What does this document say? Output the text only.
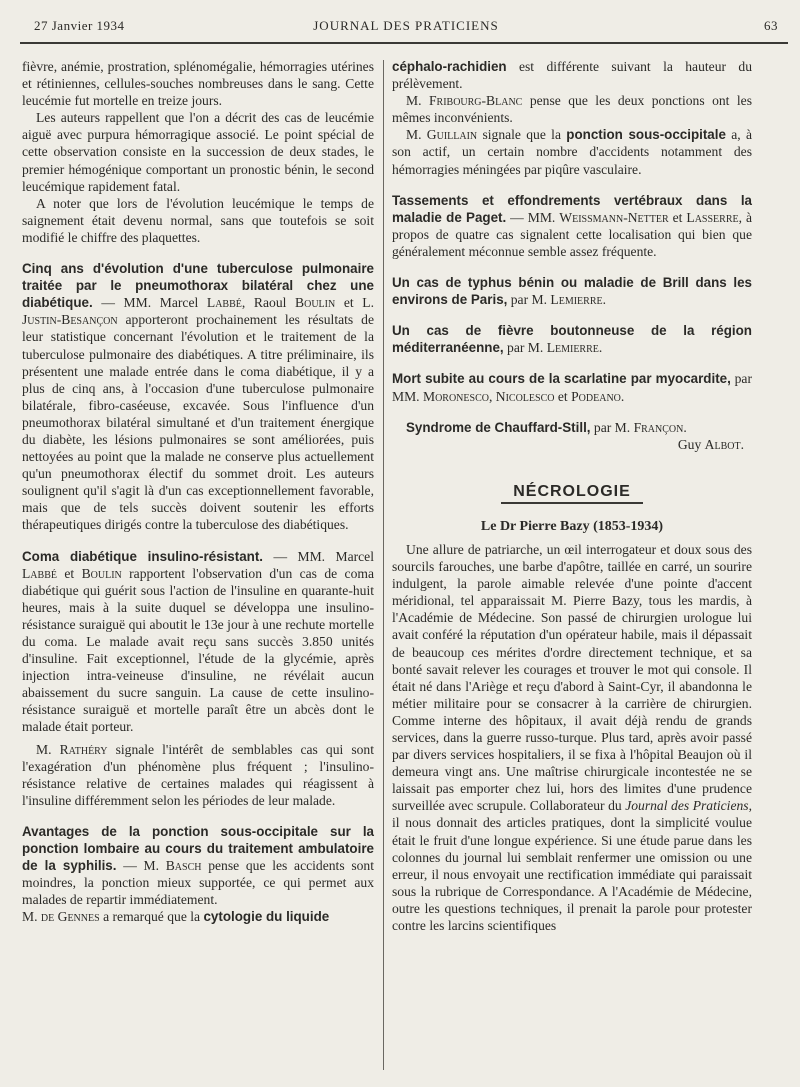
27 Janvier 1934	JOURNAL DES PRATICIENS	63

fièvre, anémie, prostration, splénomégalie, hémorragies utérines et rétiniennes, cellules-souches nombreuses dans le sang. Cette leucémie fut mortelle en treize jours.

Les auteurs rappellent que l'on a décrit des cas de leucémie aiguë avec purpura hémorragique associé. Le point spécial de cette observation consiste en la succession de deux stades, le premier hémogénique comportant un pronostic bénin, le second leucémique rapidement fatal.

A noter que lors de l'évolution leucémique le temps de saignement était devenu normal, sans que toutefois se soit modifié le chiffre des plaquettes.

Cinq ans d'évolution d'une tuberculose pulmonaire traitée par le pneumothorax bilatéral chez une diabétique. — MM. Marcel Labbé, Raoul Boulin et L. Justin-Besançon apporteront prochainement les résultats de leur statistique concernant l'évolution et le traitement de la tuberculose pulmonaire des diabétiques. A titre préliminaire, ils présentent une malade entrée dans le coma diabétique, il y a plus de cinq ans, à l'occasion d'une tuberculose pulmonaire bilatérale, fibro-caséeuse, excavée. Sous l'influence d'un pneumothorax bilatéral simultané et d'un traitement énergique du diabète, les lésions pulmonaires se sont améliorées, puis nettoyées au point que la malade ne conserve plus actuellement qu'un pneumothorax électif du sommet droit. Les auteurs soulignent qu'il s'agit là d'un cas exceptionnellement favorable, mais que de tels succès doivent soutenir les efforts thérapeutiques dirigés contre la tuberculose des diabétiques.

Coma diabétique insulino-résistant. — MM. Marcel Labbé et Boulin rapportent l'observation d'un cas de coma diabétique qui guérit sous l'action de l'insuline en quarante-huit heures, mais à la suite duquel se développa une insulino-résistance suraiguë qui aboutit le 13e jour à une rechute mortelle du coma. Le malade avait reçu sans succès 3.850 unités d'insuline. Fait exceptionnel, l'étude de la glycémie, après injection intra-veineuse d'insuline, ne révélait aucun abaissement du sucre sanguin. La cause de cette insulino-résistance suraiguë et mortelle paraît être un abcès dont le malade était porteur.

M. Rathéry signale l'intérêt de semblables cas qui sont l'exagération d'un phénomène plus fréquent ; l'insulino-résistance relative de certaines malades qui réagissent à l'insuline différemment selon les périodes de leur malade.

Avantages de la ponction sous-occipitale sur la ponction lombaire au cours du traitement ambulatoire de la syphilis. — M. Basch pense que les accidents sont moindres, la ponction mieux supportée, ce qui permet aux malades de repartir immédiatement.

M. de Gennes a remarqué que la cytologie du liquide

céphalo-rachidien est différente suivant la hauteur du prélèvement.

M. Fribourg-Blanc pense que les deux ponctions ont les mêmes inconvénients.

M. Guillain signale que la ponction sous-occipitale a, à son actif, un certain nombre d'accidents notamment des hémorragies méningées par piqûre vasculaire.

Tassements et effondrements vertébraux dans la maladie de Paget. — MM. Weissmann-Netter et Lasserre, à propos de quatre cas signalent cette localisation qui bien que généralement méconnue semble assez fréquente.

Un cas de typhus bénin ou maladie de Brill dans les environs de Paris, par M. Lemierre.

Un cas de fièvre boutonneuse de la région méditerranéenne, par M. Lemierre.

Mort subite au cours de la scarlatine par myocardite, par MM. Moronesco, Nicolesco et Podeano.

Syndrome de Chauffard-Still, par M. Françon.

Guy Albot.

NÉCROLOGIE
Le Dr Pierre Bazy (1853-1934)

Une allure de patriarche, un œil interrogateur et doux sous des sourcils farouches, une barbe d'apôtre, taillée en carré, un sourire indulgent, la parole aimable relevée d'une pointe d'accent méridional, tel apparaissait M. Pierre Bazy, tous les mardis, à l'Académie de Médecine. Son passé de chirurgien urologue lui avait conféré la réputation d'un opérateur habile, mais il dépassait de beaucoup ces mérites d'ordre directement technique, et sa bonté savait relever les courages et trouver le mot qui console. Il était né dans l'Ariège et reçu d'abord à Saint-Cyr, il abandonna le métier militaire pour se consacrer à la carrière de chirurgien. Comme interne des hôpitaux, il avait déjà rendu de grands services, dans la guerre russo-turque. Plus tard, après avoir passé par divers services hospitaliers, il se fixa à l'hôpital Beaujon où il demeura vingt ans. Une maîtrise chirurgicale incontestée ne se laissait pas emporter chez lui, hors des limites d'une prudence surveillée avec scrupule. Collaborateur du Journal des Praticiens, il nous donnait des articles pratiques, dont la simplicité voulue était le fruit d'une longue expérience. Si une étude parue dans les colonnes du journal lui semblait renfermer une omission ou une erreur, il nous envoyait une rectification immédiate qui paraissait sous la rubrique de Correspondance. A l'Académie de Médecine, outre les questions techniques, il prenait la parole pour protester contre les larcins scientifiques
